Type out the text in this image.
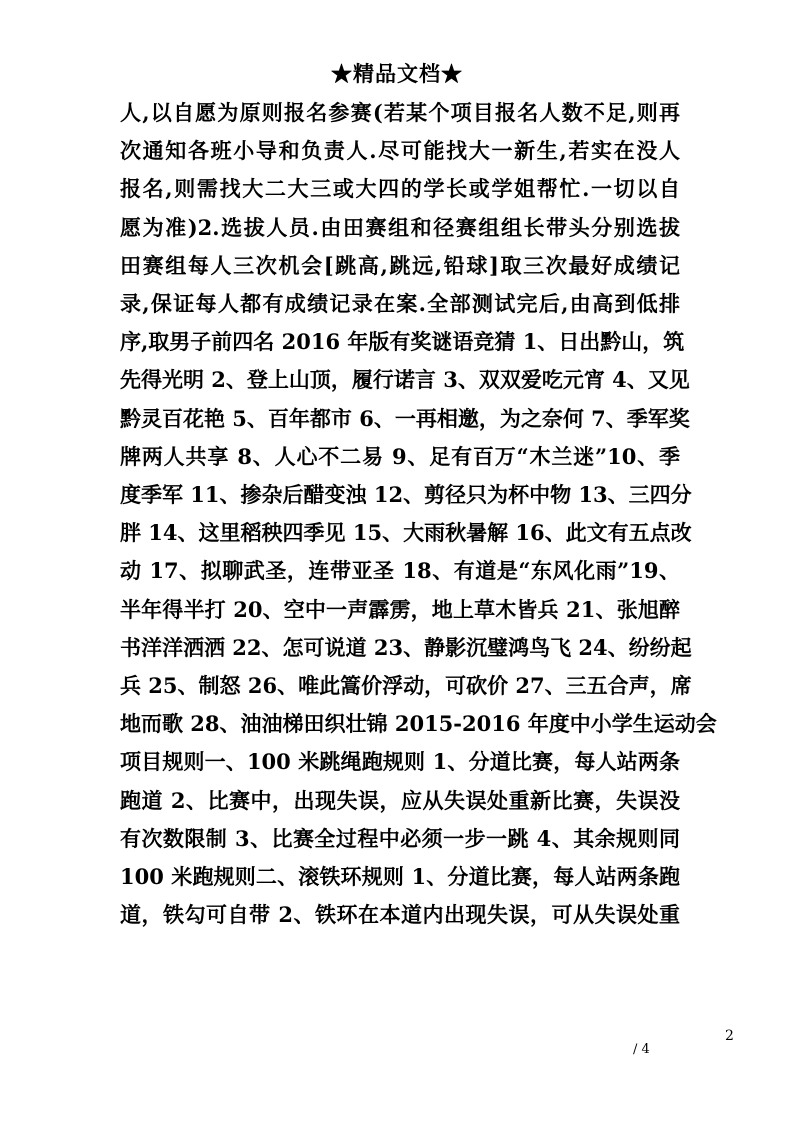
★精品文档★
人,以自愿为原则报名参赛(若某个项目报名人数不足,则再
次通知各班小导和负责人.尽可能找大一新生,若实在没人
报名,则需找大二大三或大四的学长或学姐帮忙.一切以自
愿为准)2.选拔人员.由田赛组和径赛组组长带头分别选拔
田赛组每人三次机会[跳高,跳远,铅球]取三次最好成绩记
录,保证每人都有成绩记录在案.全部测试完后,由高到低排
序,取男子前四名 2016 年版有奖谜语竞猜 1、日出黔山，筑
先得光明 2、登上山顶，履行诺言 3、双双爱吃元宵 4、又见
黔灵百花艳 5、百年都市 6、一再相邀，为之奈何 7、季军奖
牌两人共享 8、人心不二易 9、足有百万“木兰迷”10、季
度季军 11、掺杂后醋变浊 12、剪径只为杯中物 13、三四分
胖 14、这里稻秧四季见 15、大雨秋暑解 16、此文有五点改
动 17、拟聊武圣，连带亚圣 18、有道是“东风化雨”19、
半年得半打 20、空中一声霹雳，地上草木皆兵 21、张旭醉
书洋洋洒洒 22、怎可说道 23、静影沉璧鸿鸟飞 24、纷纷起
兵 25、制怒 26、唯此篙价浮动，可砍价 27、三五合声，席
地而歌 28、油油梯田织壮锦 2015-2016 年度中小学生运动会
项目规则一、100 米跳绳跑规则 1、分道比赛，每人站两条
跑道 2、比赛中，出现失误，应从失误处重新比赛，失误没
有次数限制 3、比赛全过程中必须一步一跳 4、其余规则同
100 米跑规则二、滚铁环规则 1、分道比赛，每人站两条跑
道，铁勾可自带 2、铁环在本道内出现失误，可从失误处重
2
/ 4
